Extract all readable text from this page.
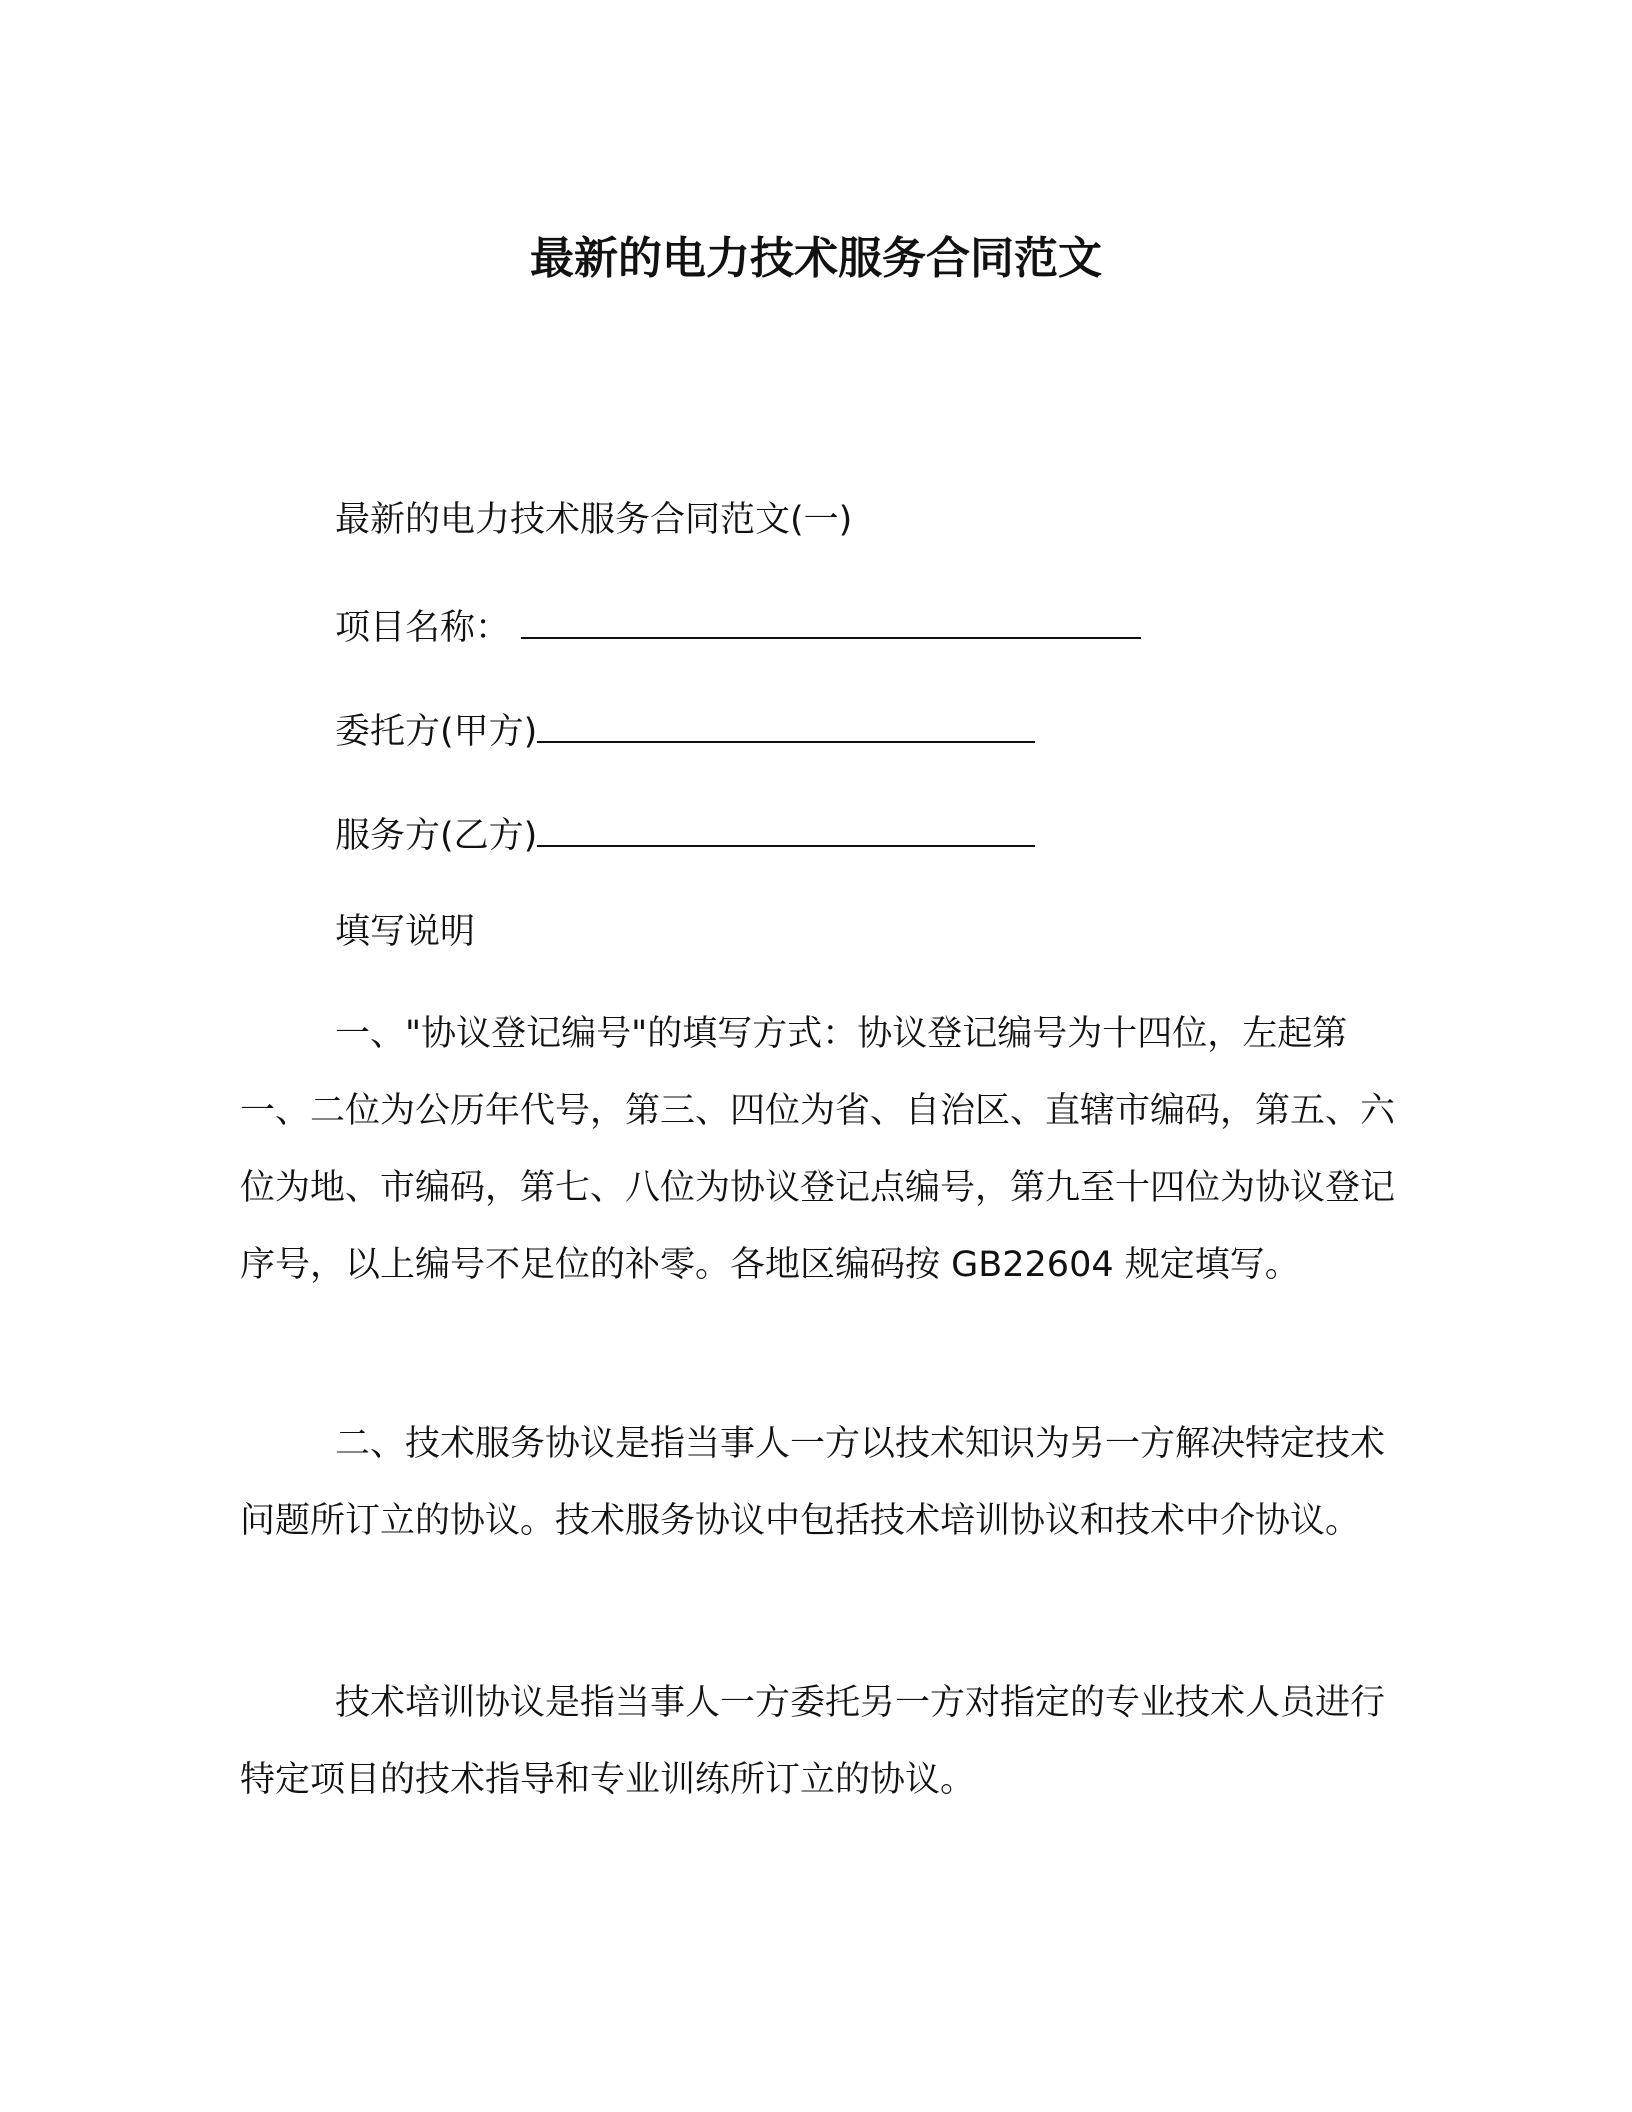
最新的电力技术服务合同范文

最新的电力技术服务合同范文(一)

项目名称：

委托方(甲方)

服务方(乙方)

填写说明

一、"协议登记编号"的填写方式：协议登记编号为十四位，左起第一、二位为公历年代号，第三、四位为省、自治区、直辖市编码，第五、六位为地、市编码，第七、八位为协议登记点编号，第九至十四位为协议登记序号，以上编号不足位的补零。各地区编码按 GB22604 规定填写。

二、技术服务协议是指当事人一方以技术知识为另一方解决特定技术问题所订立的协议。技术服务协议中包括技术培训协议和技术中介协议。

技术培训协议是指当事人一方委托另一方对指定的专业技术人员进行特定项目的技术指导和专业训练所订立的协议。
